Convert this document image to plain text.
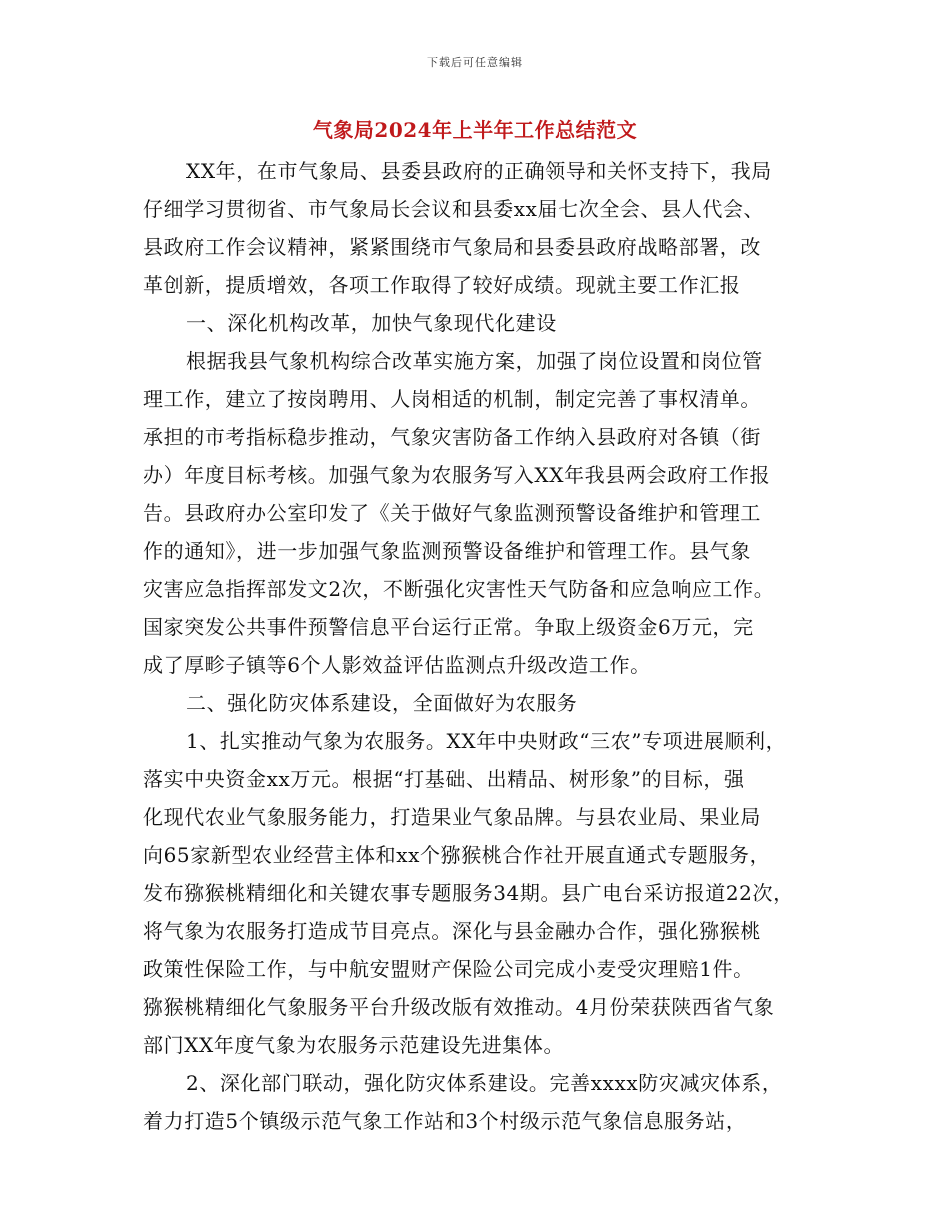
下载后可任意编辑
气象局2024年上半年工作总结范文
XX年，在市气象局、县委县政府的正确领导和关怀支持下，我局
仔细学习贯彻省、市气象局长会议和县委xx届七次全会、县人代会、
县政府工作会议精神，紧紧围绕市气象局和县委县政府战略部署，改
革创新，提质增效，各项工作取得了较好成绩。现就主要工作汇报
一、深化机构改革，加快气象现代化建设
根据我县气象机构综合改革实施方案，加强了岗位设置和岗位管
理工作，建立了按岗聘用、人岗相适的机制，制定完善了事权清单。
承担的市考指标稳步推动，气象灾害防备工作纳入县政府对各镇（街
办）年度目标考核。加强气象为农服务写入XX年我县两会政府工作报
告。县政府办公室印发了《关于做好气象监测预警设备维护和管理工
作的通知》，进一步加强气象监测预警设备维护和管理工作。县气象
灾害应急指挥部发文2次，不断强化灾害性天气防备和应急响应工作。
国家突发公共事件预警信息平台运行正常。争取上级资金6万元，完
成了厚畛子镇等6个人影效益评估监测点升级改造工作。
二、强化防灾体系建设，全面做好为农服务
1、扎实推动气象为农服务。XX年中央财政“三农”专项进展顺利，
落实中央资金xx万元。根据“打基础、出精品、树形象”的目标，强
化现代农业气象服务能力，打造果业气象品牌。与县农业局、果业局
向65家新型农业经营主体和xx个猕猴桃合作社开展直通式专题服务，
发布猕猴桃精细化和关键农事专题服务34期。县广电台采访报道22次，
将气象为农服务打造成节目亮点。深化与县金融办合作，强化猕猴桃
政策性保险工作，与中航安盟财产保险公司完成小麦受灾理赔1件。
猕猴桃精细化气象服务平台升级改版有效推动。4月份荣获陕西省气象
部门XX年度气象为农服务示范建设先进集体。
2、深化部门联动，强化防灾体系建设。完善xxxx防灾减灾体系，
着力打造5个镇级示范气象工作站和3个村级示范气象信息服务站，
